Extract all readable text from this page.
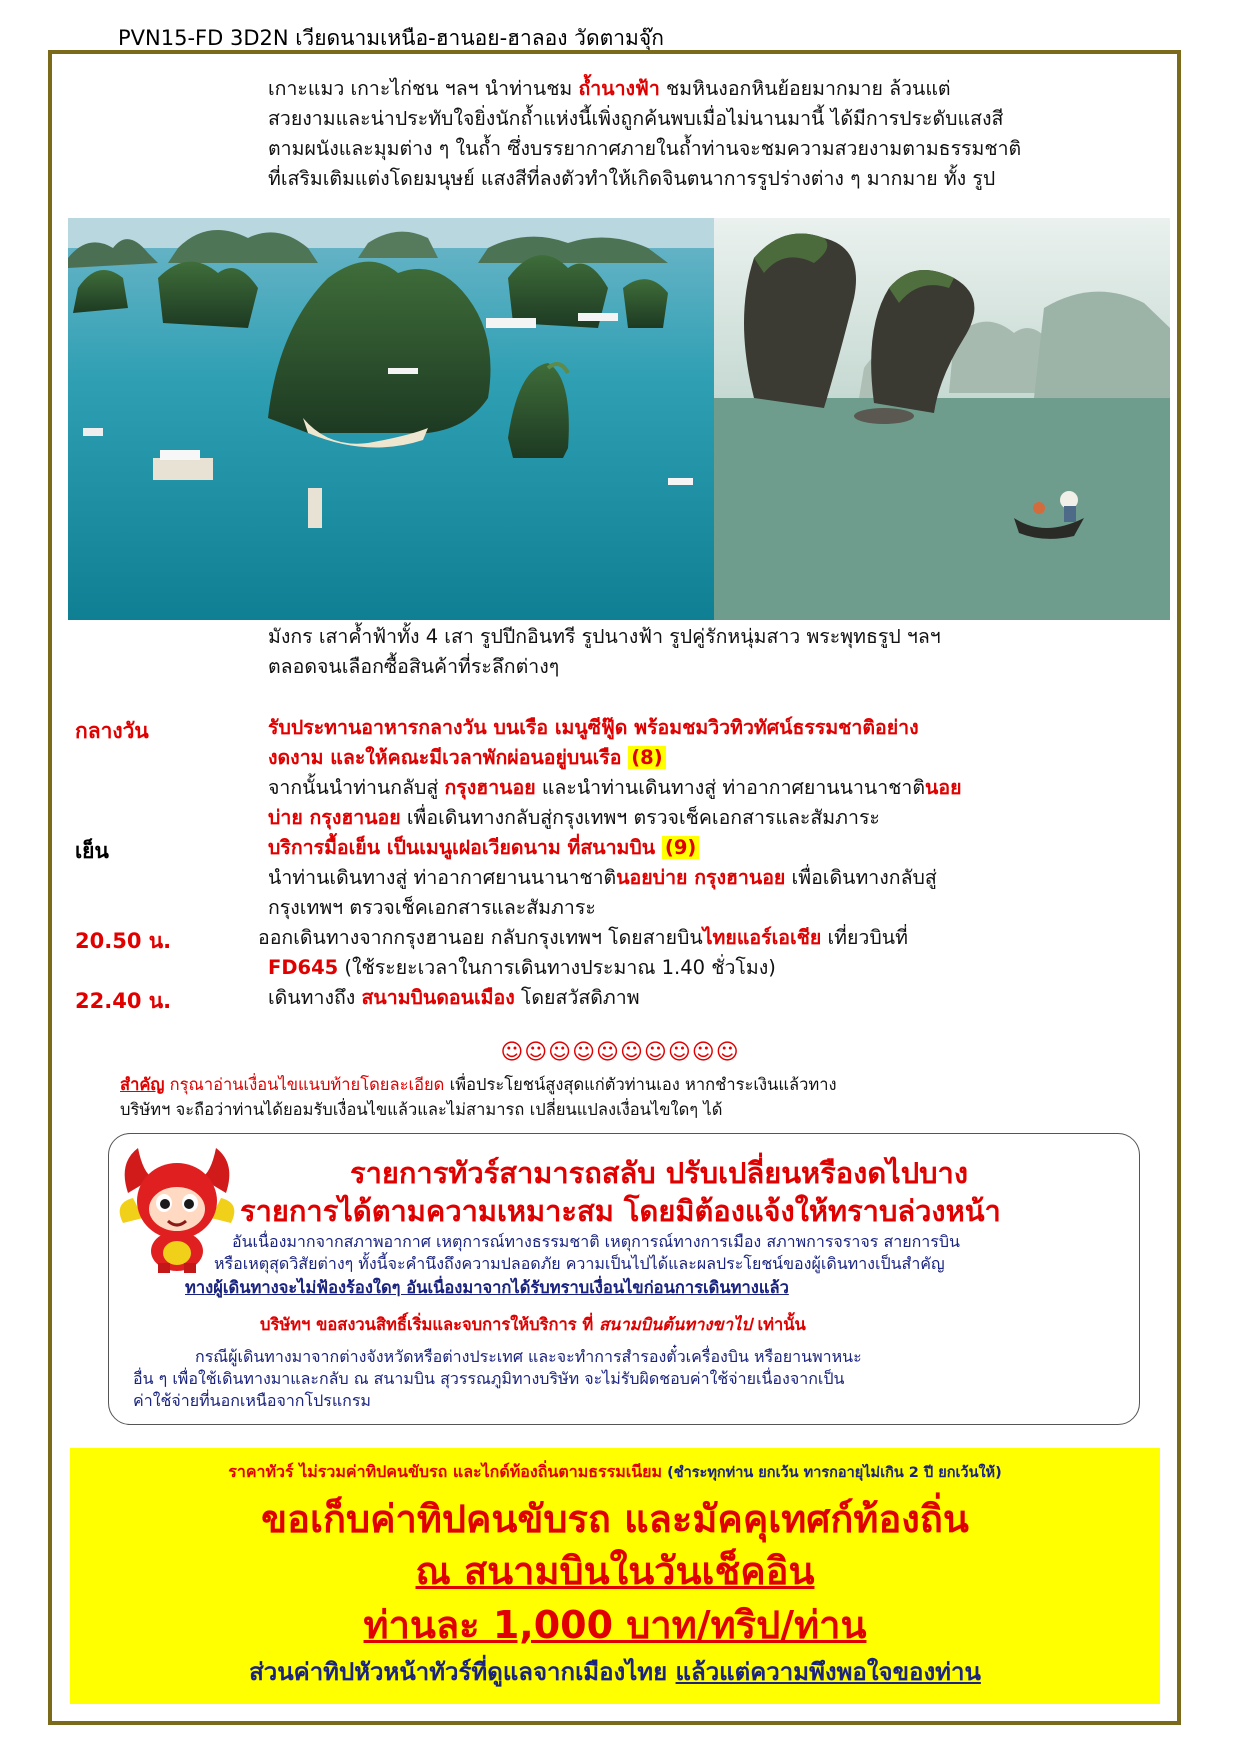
PVN15-FD 3D2N เวียดนามเหนือ-ฮานอย-ฮาลอง วัดตามจุ๊ก
เกาะแมว เกาะไก่ชน ฯลฯ นำท่านชม ถ้ำนางฟ้า ชมหินงอกหินย้อยมากมาย ล้วนแต่
สวยงามและน่าประทับใจยิ่งนักถ้ำแห่งนี้เพิ่งถูกค้นพบเมื่อไม่นานมานี้ ได้มีการประดับแสงสี
ตามผนังและมุมต่าง ๆ ในถ้ำ ซึ่งบรรยากาศภายในถ้ำท่านจะชมความสวยงามตามธรรมชาติ
ที่เสริมเติมแต่งโดยมนุษย์ แสงสีที่ลงตัวทำให้เกิดจินตนาการรูปร่างต่าง ๆ มากมาย ทั้ง รูป
มังกร เสาค้ำฟ้าทั้ง 4 เสา รูปปีกอินทรี รูปนางฟ้า รูปคู่รักหนุ่มสาว พระพุทธรูป ฯลฯ
ตลอดจนเลือกซื้อสินค้าที่ระลึกต่างๆ
กลางวัน	รับประทานอาหารกลางวัน บนเรือ เมนูซีฟู๊ด พร้อมชมวิวทิวทัศน์ธรรมชาติอย่าง
งดงาม และให้คณะมีเวลาพักผ่อนอยู่บนเรือ (8)
จากนั้นนำท่านกลับสู่ กรุงฮานอย และนำท่านเดินทางสู่ ท่าอากาศยานนานาชาตินอย
บ่าย กรุงฮานอย เพื่อเดินทางกลับสู่กรุงเทพฯ ตรวจเช็คเอกสารและสัมภาระ
เย็น	บริการมื้อเย็น เป็นเมนูเฝอเวียดนาม ที่สนามบิน (9)
นำท่านเดินทางสู่ ท่าอากาศยานนานาชาตินอยบ่าย กรุงฮานอย เพื่อเดินทางกลับสู่
กรุงเทพฯ ตรวจเช็คเอกสารและสัมภาระ
20.50 น.	ออกเดินทางจากกรุงฮานอย กลับกรุงเทพฯ โดยสายบินไทยแอร์เอเชีย เที่ยวบินที่
FD645 (ใช้ระยะเวลาในการเดินทางประมาณ 1.40 ชั่วโมง)
22.40 น.	เดินทางถึง สนามบินดอนเมือง โดยสวัสดิภาพ
☺☺☺☺☺☺☺☺☺☺
สำคัญ กรุณาอ่านเงื่อนไขแนบท้ายโดยละเอียด เพื่อประโยชน์สูงสุดแก่ตัวท่านเอง หากชำระเงินแล้วทาง
บริษัทฯ จะถือว่าท่านได้ยอมรับเงื่อนไขแล้วและไม่สามารถ เปลี่ยนแปลงเงื่อนไขใดๆ ได้
รายการทัวร์สามารถสลับ ปรับเปลี่ยนหรืองดไปบาง
รายการได้ตามความเหมาะสม โดยมิต้องแจ้งให้ทราบล่วงหน้า
อันเนื่องมากจากสภาพอากาศ เหตุการณ์ทางธรรมชาติ เหตุการณ์ทางการเมือง สภาพการจราจร สายการบิน
หรือเหตุสุดวิสัยต่างๆ ทั้งนี้จะคำนึงถึงความปลอดภัย ความเป็นไปได้และผลประโยชน์ของผู้เดินทางเป็นสำคัญ
ทางผู้เดินทางจะไม่ฟ้องร้องใดๆ อันเนื่องมาจากได้รับทราบเงื่อนไขก่อนการเดินทางแล้ว
บริษัทฯ ขอสงวนสิทธิ์เริ่มและจบการให้บริการ ที่ สนามบินต้นทางขาไป เท่านั้น
กรณีผู้เดินทางมาจากต่างจังหวัดหรือต่างประเทศ และจะทำการสำรองตั๋วเครื่องบิน หรือยานพาหนะ
อื่น ๆ เพื่อใช้เดินทางมาและกลับ ณ สนามบิน สุวรรณภูมิทางบริษัท จะไม่รับผิดชอบค่าใช้จ่ายเนื่องจากเป็น
ค่าใช้จ่ายที่นอกเหนือจากโปรแกรม
ราคาทัวร์ ไม่รวมค่าทิปคนขับรถ และไกด์ท้องถิ่นตามธรรมเนียม (ชำระทุกท่าน ยกเว้น ทารกอายุไม่เกิน 2 ปี ยกเว้นให้)
ขอเก็บค่าทิปคนขับรถ และมัคคุเทศก์ท้องถิ่น
ณ สนามบินในวันเช็คอิน
ท่านละ 1,000 บาท/ทริป/ท่าน
ส่วนค่าทิปหัวหน้าทัวร์ที่ดูแลจากเมืองไทย แล้วแต่ความพึงพอใจของท่าน
